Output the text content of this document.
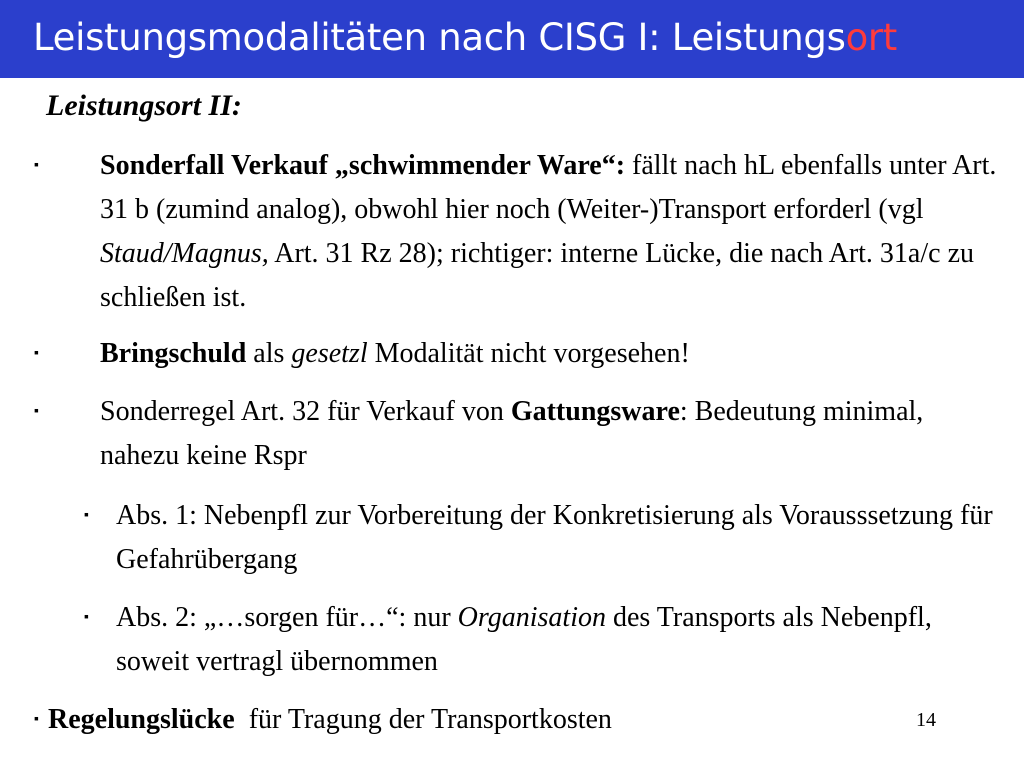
Leistungsmodalitäten nach CISG I: Leistungsort
Leistungsort II:
▪ Sonderfall Verkauf „schwimmender Ware“: fällt nach hL ebenfalls unter Art. 31 b (zumind analog), obwohl hier noch (Weiter-)Transport erforderl (vgl Staud/Magnus, Art. 31 Rz 28); richtiger: interne Lücke, die nach Art. 31a/c zu schließen ist.
▪ Bringschuld als gesetzl Modalität nicht vorgesehen!
▪ Sonderregel Art. 32 für Verkauf von Gattungsware: Bedeutung minimal, nahezu keine Rspr
▪ Abs. 1: Nebenpfl zur Vorbereitung der Konkretisierung als Vorausssetzung für Gefahrübergang
▪ Abs. 2: „…sorgen für…“: nur Organisation des Transports als Nebenpfl, soweit vertragl übernommen
▪ Regelungslücke  für Tragung der Transportkosten	14
